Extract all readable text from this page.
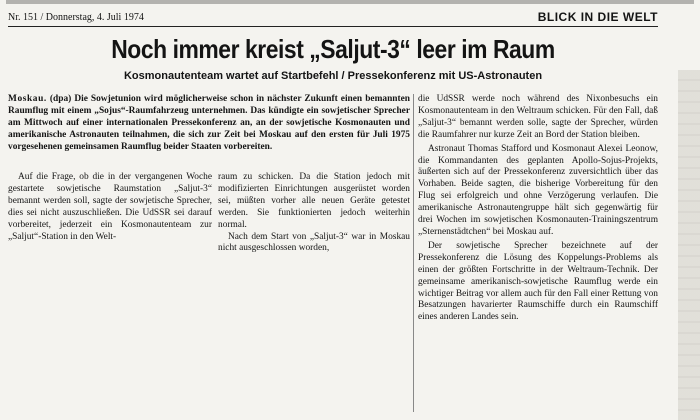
Nr. 151 / Donnerstag, 4. Juli 1974	BLICK IN DIE WELT
Noch immer kreist „Saljut-3“ leer im Raum
Kosmonautenteam wartet auf Startbefehl / Pressekonferenz mit US-Astronauten

Moskau. (dpa) Die Sowjetunion wird möglicherweise schon in nächster Zukunft einen bemannten Raumflug mit einem „Sojus“-Raumfahrzeug unternehmen. Das kündigte ein sowjetischer Sprecher am Mittwoch auf einer internationalen Pressekonferenz an, an der sowjetische Kosmonauten und amerikanische Astronauten teilnahmen, die sich zur Zeit bei Moskau auf den ersten für Juli 1975 vorgesehenen gemeinsamen Raumflug beider Staaten vorbereiten.

Auf die Frage, ob die in der vergangenen Woche gestartete sowjetische Raumstation „Saljut-3“ bemannt werden soll, sagte der sowjetische Sprecher, dies sei nicht auszuschließen. Die UdSSR sei darauf vorbereitet, jederzeit ein Kosmonautenteam zur „Saljut“-Station in den Welt-

raum zu schicken. Da die Station jedoch mit modifizierten Einrichtungen ausgerüstet worden sei, müßten vorher alle neuen Geräte getestet werden. Sie funktionierten jedoch weiterhin normal.

Nach dem Start von „Saljut-3“ war in Moskau nicht ausgeschlossen worden,

die UdSSR werde noch während des Nixonbesuchs ein Kosmonautenteam in den Weltraum schicken. Für den Fall, daß „Saljut-3“ bemannt werden solle, sagte der Sprecher, würden die Raumfahrer nur kurze Zeit an Bord der Station bleiben.

Astronaut Thomas Stafford und Kosmonaut Alexei Leonow, die Kommandanten des geplanten Apollo-Sojus-Projekts, äußerten sich auf der Pressekonferenz zuversichtlich über das Vorhaben. Beide sagten, die bisherige Vorbereitung für den Flug sei erfolgreich und ohne Verzögerung verlaufen. Die amerikanische Astronautengruppe hält sich gegenwärtig für drei Wochen im sowjetischen Kosmonauten-Trainingszentrum „Sternenstädtchen“ bei Moskau auf.

Der sowjetische Sprecher bezeichnete auf der Pressekonferenz die Lösung des Koppelungs-Problems als einen der größten Fortschritte in der Weltraum-Technik. Der gemeinsame amerikanisch-sowjetische Raumflug werde ein wichtiger Beitrag vor allem auch für den Fall einer Rettung von Besatzungen havarierter Raumschiffe durch ein Raumschiff eines anderen Landes sein.
